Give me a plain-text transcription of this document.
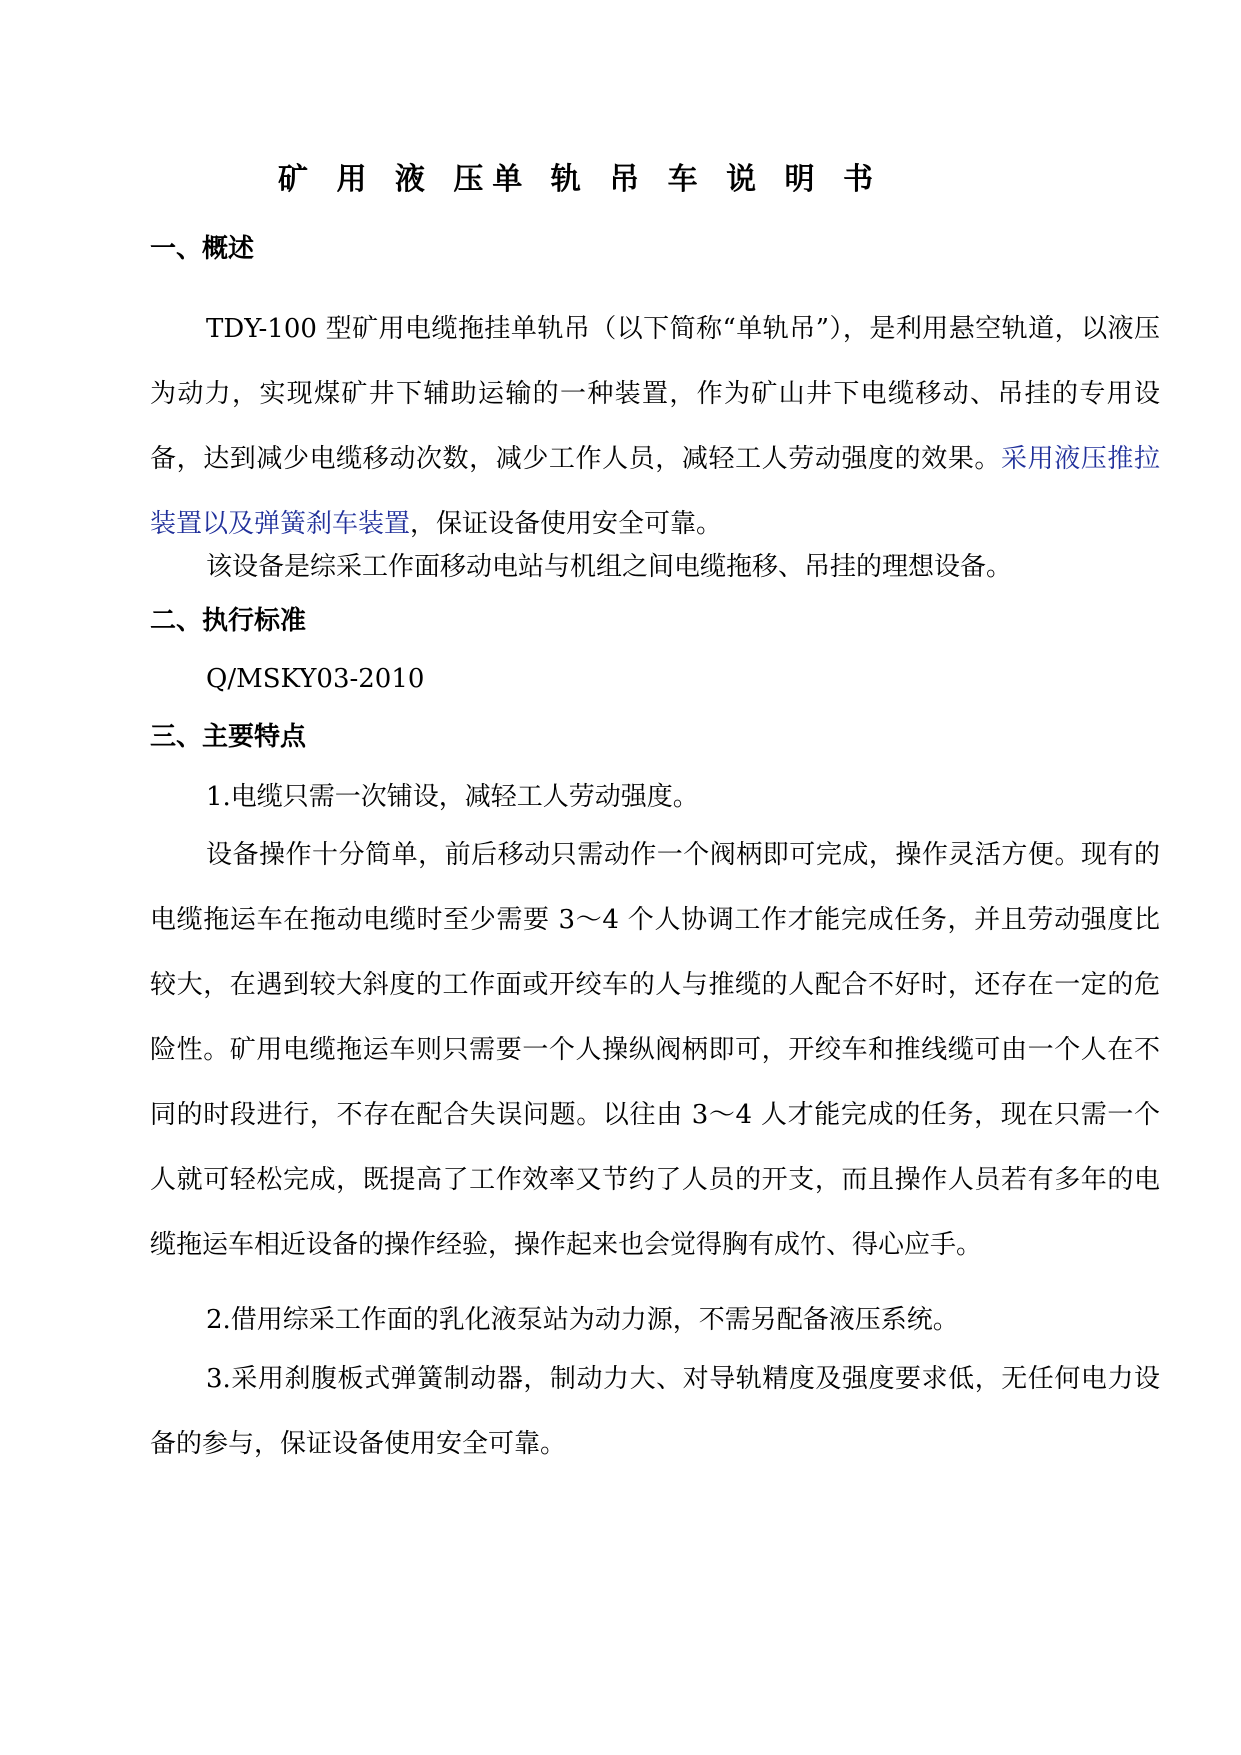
矿 用 液 压单 轨 吊 车 说 明 书
一、概述

TDY-100 型矿用电缆拖挂单轨吊（以下简称“单轨吊”），是利用悬空轨道，以液压为动力，实现煤矿井下辅助运输的一种装置，作为矿山井下电缆移动、吊挂的专用设备，达到减少电缆移动次数，减少工作人员，减轻工人劳动强度的效果。采用液压推拉装置以及弹簧刹车装置，保证设备使用安全可靠。

该设备是综采工作面移动电站与机组之间电缆拖移、吊挂的理想设备。

二、执行标准

Q/MSKY03-2010

三、主要特点

1.电缆只需一次铺设，减轻工人劳动强度。

设备操作十分简单，前后移动只需动作一个阀柄即可完成，操作灵活方便。现有的电缆拖运车在拖动电缆时至少需要 3～4 个人协调工作才能完成任务，并且劳动强度比较大，在遇到较大斜度的工作面或开绞车的人与推缆的人配合不好时，还存在一定的危险性。矿用电缆拖运车则只需要一个人操纵阀柄即可，开绞车和推线缆可由一个人在不同的时段进行，不存在配合失误问题。以往由 3～4 人才能完成的任务，现在只需一个人就可轻松完成，既提高了工作效率又节约了人员的开支，而且操作人员若有多年的电缆拖运车相近设备的操作经验，操作起来也会觉得胸有成竹、得心应手。

2.借用综采工作面的乳化液泵站为动力源，不需另配备液压系统。

3.采用刹腹板式弹簧制动器，制动力大、对导轨精度及强度要求低，无任何电力设备的参与，保证设备使用安全可靠。
